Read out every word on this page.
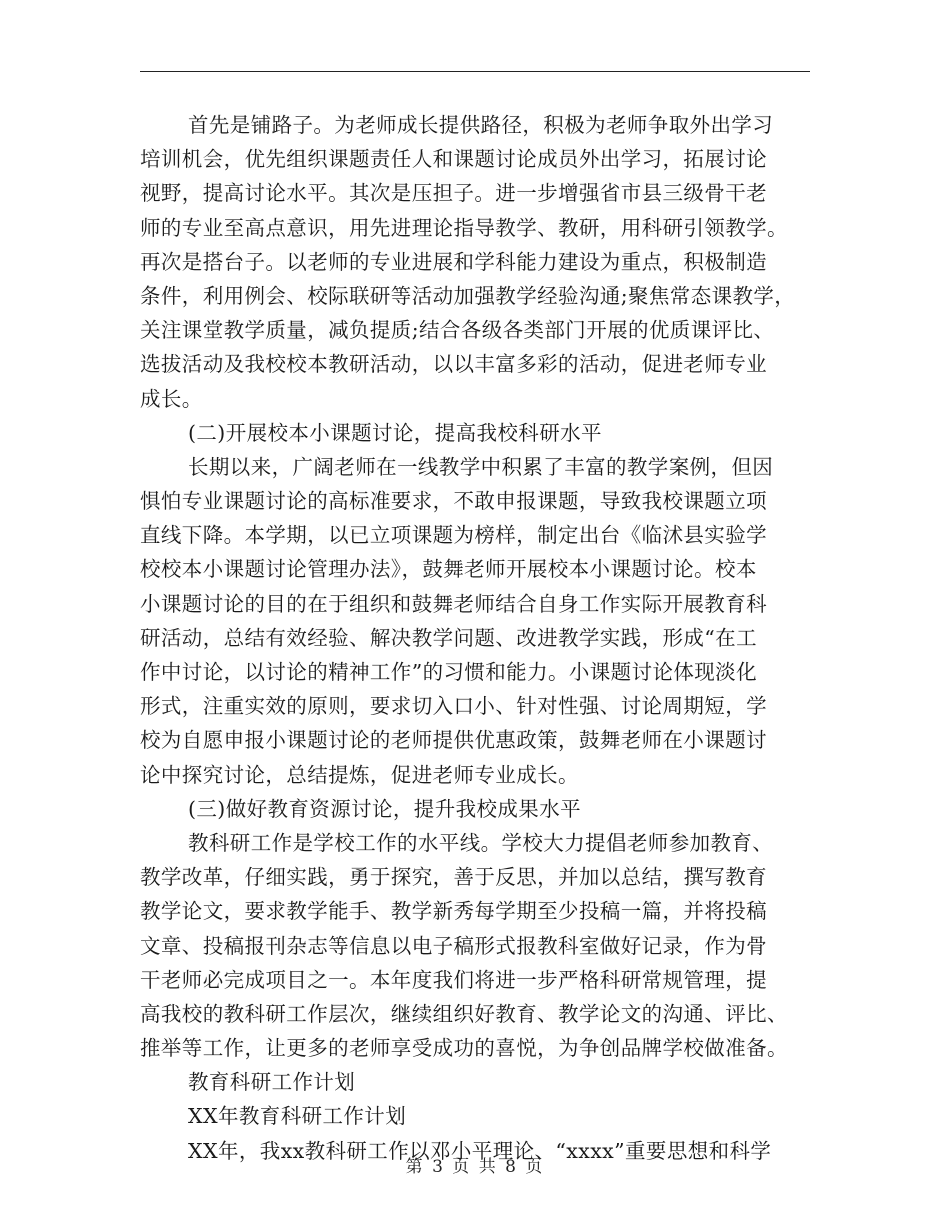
首先是铺路子。为老师成长提供路径，积极为老师争取外出学习
培训机会，优先组织课题责任人和课题讨论成员外出学习，拓展讨论
视野，提高讨论水平。其次是压担子。进一步增强省市县三级骨干老
师的专业至高点意识，用先进理论指导教学、教研，用科研引领教学。
再次是搭台子。以老师的专业进展和学科能力建设为重点，积极制造
条件，利用例会、校际联研等活动加强教学经验沟通;聚焦常态课教学，
关注课堂教学质量，减负提质;结合各级各类部门开展的优质课评比、
选拔活动及我校校本教研活动，以以丰富多彩的活动，促进老师专业
成长。
(二)开展校本小课题讨论，提高我校科研水平
长期以来，广阔老师在一线教学中积累了丰富的教学案例，但因
惧怕专业课题讨论的高标准要求，不敢申报课题，导致我校课题立项
直线下降。本学期，以已立项课题为榜样，制定出台《临沭县实验学
校校本小课题讨论管理办法》，鼓舞老师开展校本小课题讨论。校本
小课题讨论的目的在于组织和鼓舞老师结合自身工作实际开展教育科
研活动，总结有效经验、解决教学问题、改进教学实践，形成“在工
作中讨论，以讨论的精神工作”的习惯和能力。小课题讨论体现淡化
形式，注重实效的原则，要求切入口小、针对性强、讨论周期短，学
校为自愿申报小课题讨论的老师提供优惠政策，鼓舞老师在小课题讨
论中探究讨论，总结提炼，促进老师专业成长。
(三)做好教育资源讨论，提升我校成果水平
教科研工作是学校工作的水平线。学校大力提倡老师参加教育、
教学改革，仔细实践，勇于探究，善于反思，并加以总结，撰写教育
教学论文，要求教学能手、教学新秀每学期至少投稿一篇，并将投稿
文章、投稿报刊杂志等信息以电子稿形式报教科室做好记录，作为骨
干老师必完成项目之一。本年度我们将进一步严格科研常规管理，提
高我校的教科研工作层次，继续组织好教育、教学论文的沟通、评比、
推举等工作，让更多的老师享受成功的喜悦，为争创品牌学校做准备。
教育科研工作计划
XX年教育科研工作计划
XX年，我xx教科研工作以邓小平理论、“xxxx”重要思想和科学
第 3 页 共 8 页
